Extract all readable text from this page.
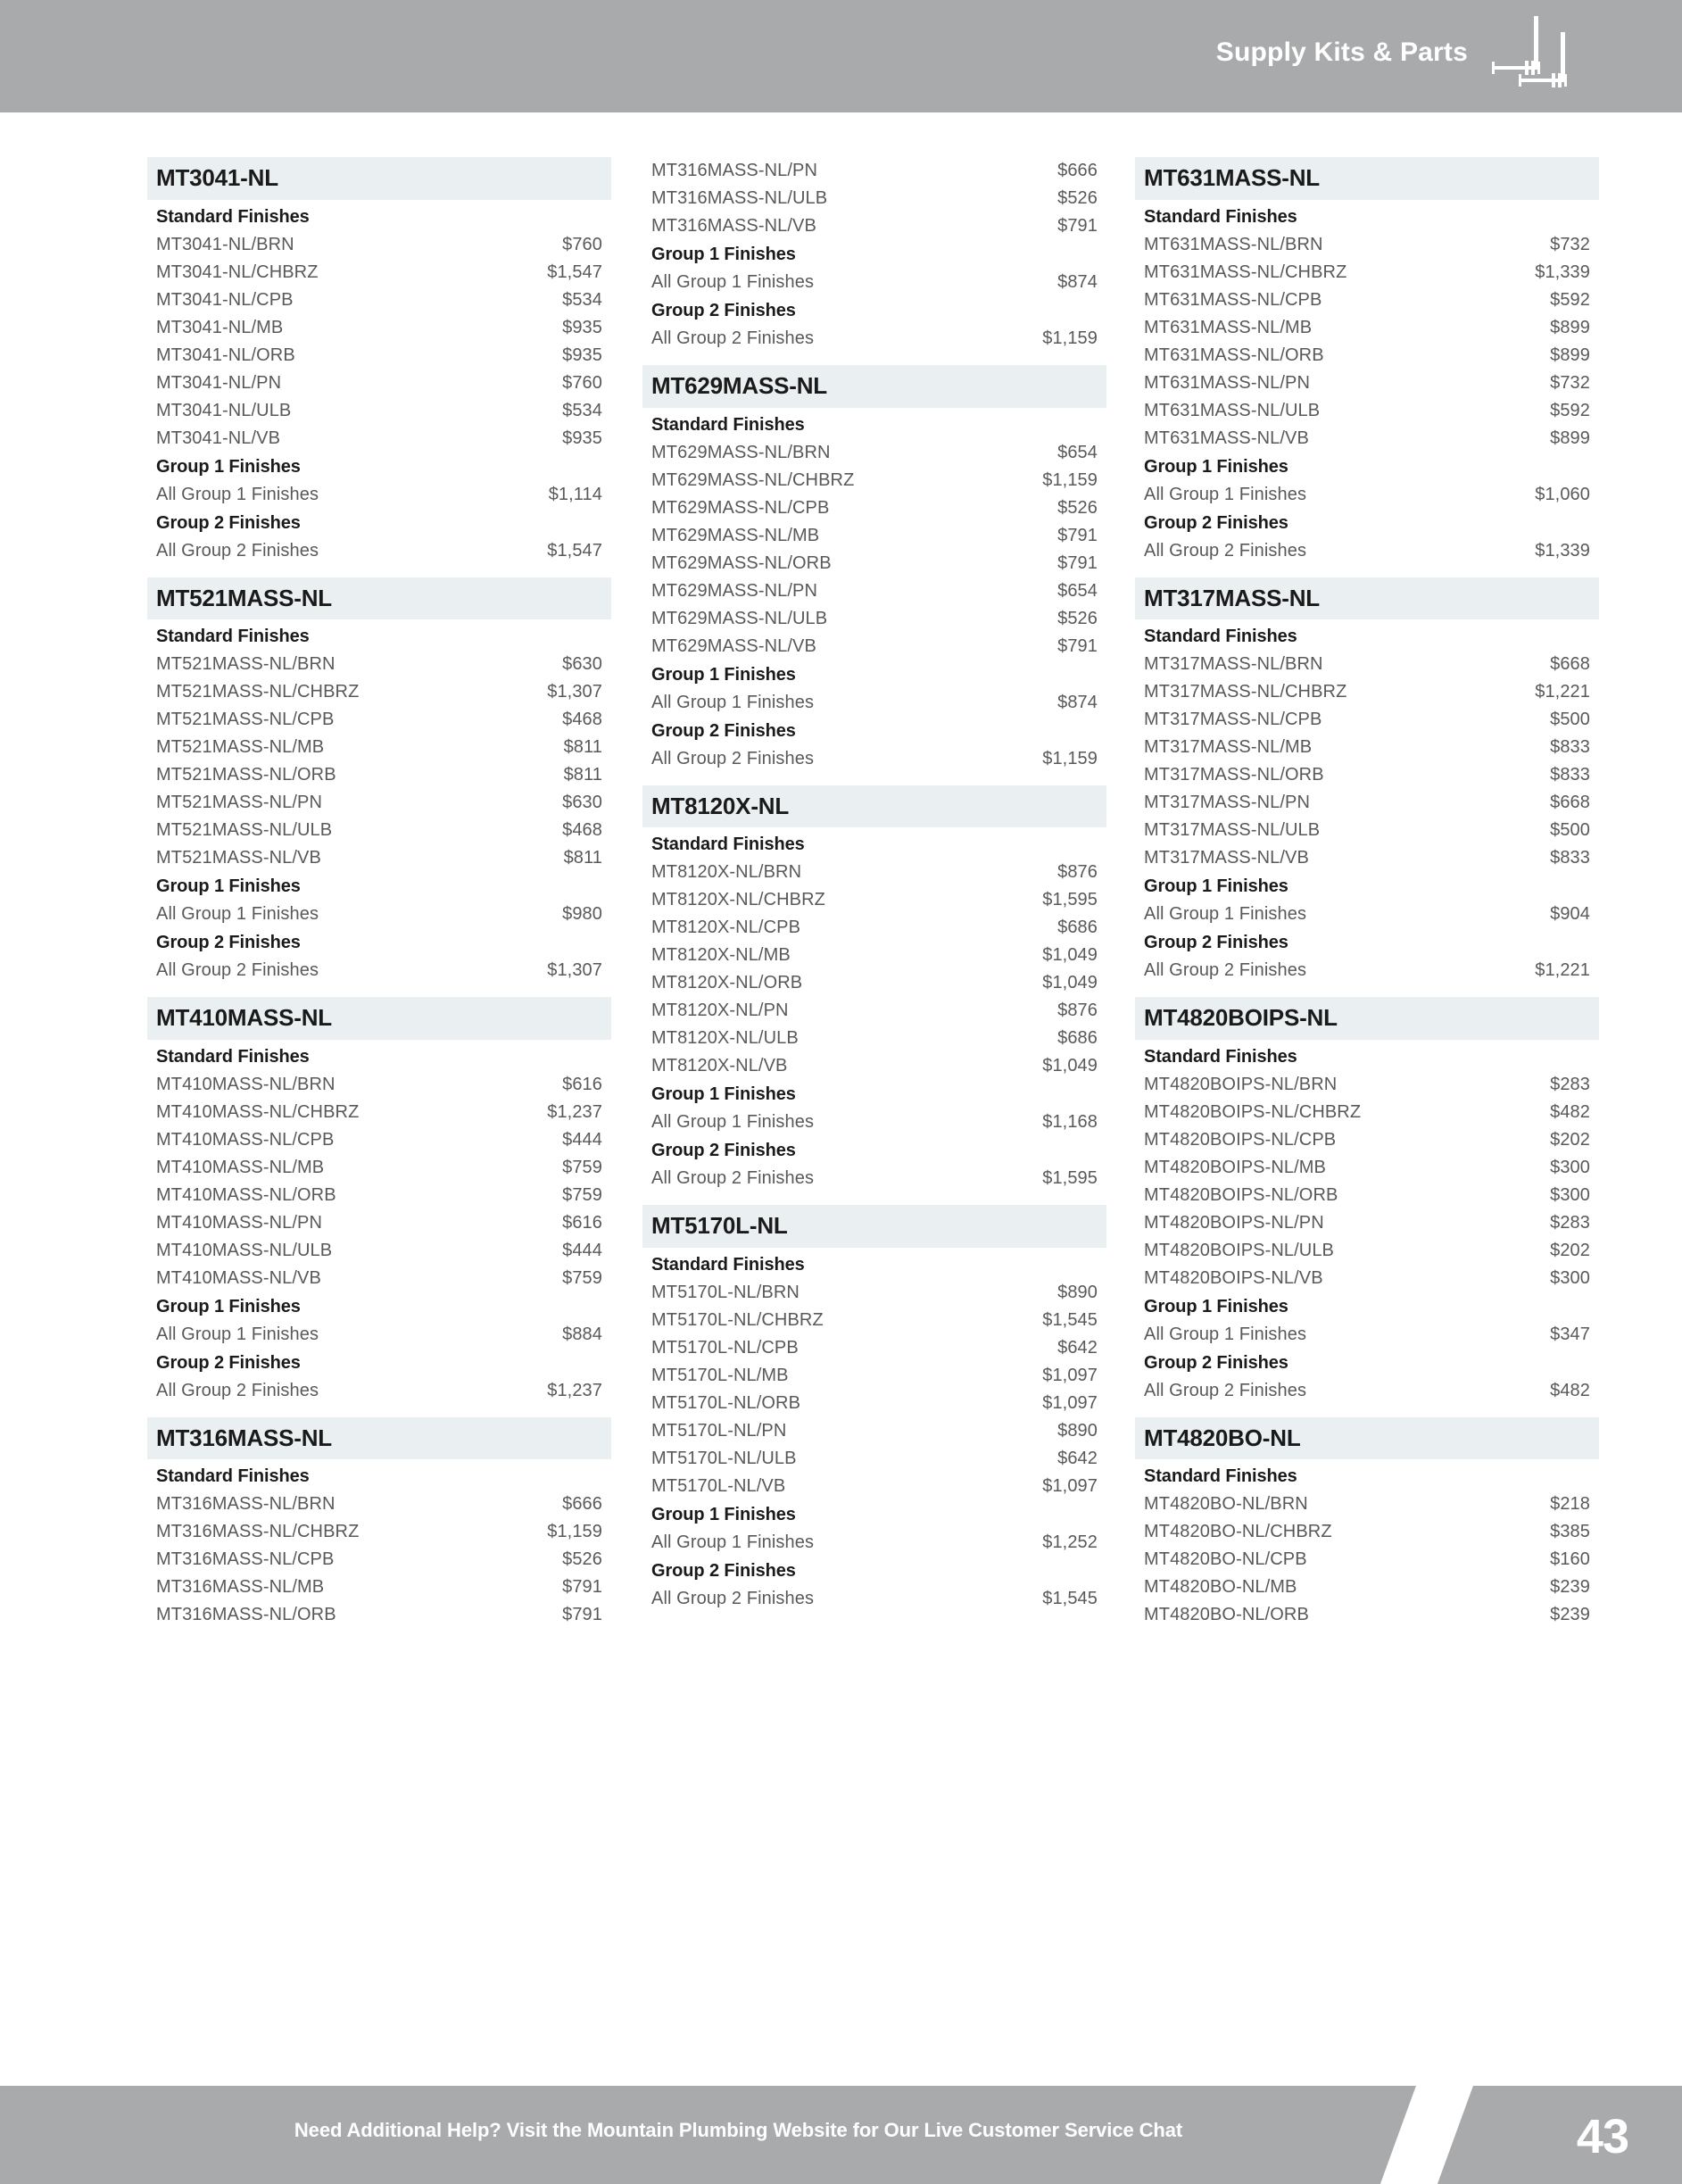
Supply Kits & Parts
MT3041-NL
Standard Finishes
MT3041-NL/BRN	$760
MT3041-NL/CHBRZ	$1,547
MT3041-NL/CPB	$534
MT3041-NL/MB	$935
MT3041-NL/ORB	$935
MT3041-NL/PN	$760
MT3041-NL/ULB	$534
MT3041-NL/VB	$935
Group 1 Finishes
All Group 1 Finishes	$1,114
Group 2 Finishes
All Group 2 Finishes	$1,547
MT521MASS-NL
Standard Finishes
MT521MASS-NL/BRN	$630
MT521MASS-NL/CHBRZ	$1,307
MT521MASS-NL/CPB	$468
MT521MASS-NL/MB	$811
MT521MASS-NL/ORB	$811
MT521MASS-NL/PN	$630
MT521MASS-NL/ULB	$468
MT521MASS-NL/VB	$811
Group 1 Finishes
All Group 1 Finishes	$980
Group 2 Finishes
All Group 2 Finishes	$1,307
MT410MASS-NL
Standard Finishes
MT410MASS-NL/BRN	$616
MT410MASS-NL/CHBRZ	$1,237
MT410MASS-NL/CPB	$444
MT410MASS-NL/MB	$759
MT410MASS-NL/ORB	$759
MT410MASS-NL/PN	$616
MT410MASS-NL/ULB	$444
MT410MASS-NL/VB	$759
Group 1 Finishes
All Group 1 Finishes	$884
Group 2 Finishes
All Group 2 Finishes	$1,237
MT316MASS-NL
Standard Finishes
MT316MASS-NL/BRN	$666
MT316MASS-NL/CHBRZ	$1,159
MT316MASS-NL/CPB	$526
MT316MASS-NL/MB	$791
MT316MASS-NL/ORB	$791
MT316MASS-NL/PN	$666
MT316MASS-NL/ULB	$526
MT316MASS-NL/VB	$791
Group 1 Finishes
All Group 1 Finishes	$874
Group 2 Finishes
All Group 2 Finishes	$1,159
MT629MASS-NL
Standard Finishes
MT629MASS-NL/BRN	$654
MT629MASS-NL/CHBRZ	$1,159
MT629MASS-NL/CPB	$526
MT629MASS-NL/MB	$791
MT629MASS-NL/ORB	$791
MT629MASS-NL/PN	$654
MT629MASS-NL/ULB	$526
MT629MASS-NL/VB	$791
Group 1 Finishes
All Group 1 Finishes	$874
Group 2 Finishes
All Group 2 Finishes	$1,159
MT8120X-NL
Standard Finishes
MT8120X-NL/BRN	$876
MT8120X-NL/CHBRZ	$1,595
MT8120X-NL/CPB	$686
MT8120X-NL/MB	$1,049
MT8120X-NL/ORB	$1,049
MT8120X-NL/PN	$876
MT8120X-NL/ULB	$686
MT8120X-NL/VB	$1,049
Group 1 Finishes
All Group 1 Finishes	$1,168
Group 2 Finishes
All Group 2 Finishes	$1,595
MT5170L-NL
Standard Finishes
MT5170L-NL/BRN	$890
MT5170L-NL/CHBRZ	$1,545
MT5170L-NL/CPB	$642
MT5170L-NL/MB	$1,097
MT5170L-NL/ORB	$1,097
MT5170L-NL/PN	$890
MT5170L-NL/ULB	$642
MT5170L-NL/VB	$1,097
Group 1 Finishes
All Group 1 Finishes	$1,252
Group 2 Finishes
All Group 2 Finishes	$1,545
MT631MASS-NL
Standard Finishes
MT631MASS-NL/BRN	$732
MT631MASS-NL/CHBRZ	$1,339
MT631MASS-NL/CPB	$592
MT631MASS-NL/MB	$899
MT631MASS-NL/ORB	$899
MT631MASS-NL/PN	$732
MT631MASS-NL/ULB	$592
MT631MASS-NL/VB	$899
Group 1 Finishes
All Group 1 Finishes	$1,060
Group 2 Finishes
All Group 2 Finishes	$1,339
MT317MASS-NL
Standard Finishes
MT317MASS-NL/BRN	$668
MT317MASS-NL/CHBRZ	$1,221
MT317MASS-NL/CPB	$500
MT317MASS-NL/MB	$833
MT317MASS-NL/ORB	$833
MT317MASS-NL/PN	$668
MT317MASS-NL/ULB	$500
MT317MASS-NL/VB	$833
Group 1 Finishes
All Group 1 Finishes	$904
Group 2 Finishes
All Group 2 Finishes	$1,221
MT4820BOIPS-NL
Standard Finishes
MT4820BOIPS-NL/BRN	$283
MT4820BOIPS-NL/CHBRZ	$482
MT4820BOIPS-NL/CPB	$202
MT4820BOIPS-NL/MB	$300
MT4820BOIPS-NL/ORB	$300
MT4820BOIPS-NL/PN	$283
MT4820BOIPS-NL/ULB	$202
MT4820BOIPS-NL/VB	$300
Group 1 Finishes
All Group 1 Finishes	$347
Group 2 Finishes
All Group 2 Finishes	$482
MT4820BO-NL
Standard Finishes
MT4820BO-NL/BRN	$218
MT4820BO-NL/CHBRZ	$385
MT4820BO-NL/CPB	$160
MT4820BO-NL/MB	$239
MT4820BO-NL/ORB	$239
Need Additional Help? Visit the Mountain Plumbing Website for Our Live Customer Service Chat	43
